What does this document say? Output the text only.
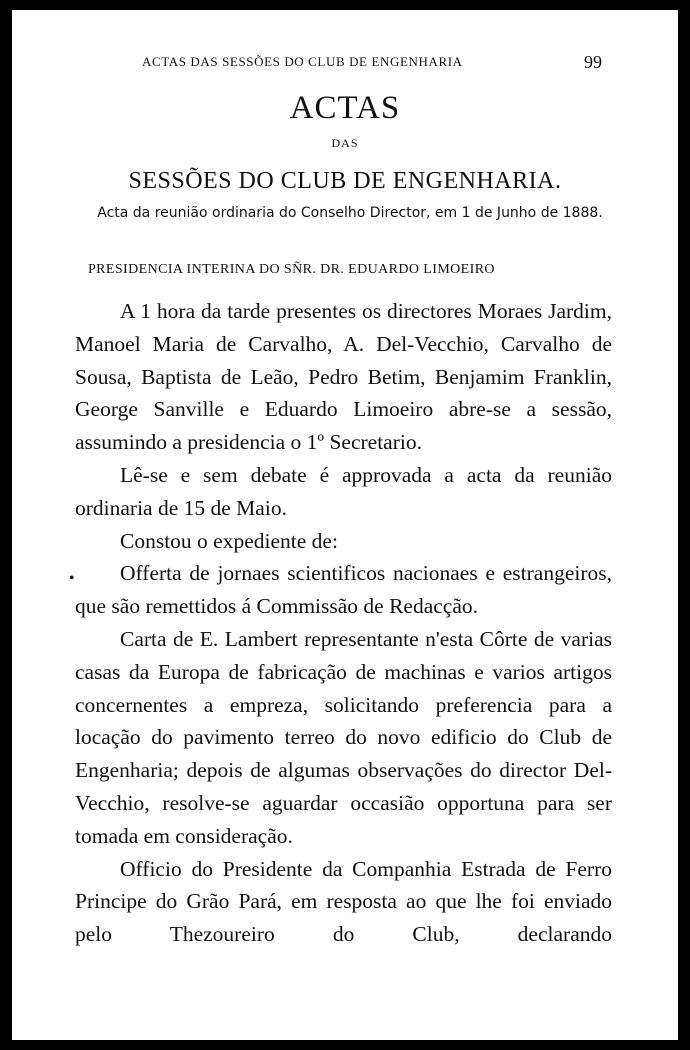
ACTAS DAS SESSÕES DO CLUB DE ENGENHARIA	99
ACTAS
DAS
SESSÕES DO CLUB DE ENGENHARIA.
Acta da reunião ordinaria do Conselho Director, em 1 de Junho de 1888.
PRESIDENCIA INTERINA DO SÑR. DR. EDUARDO LIMOEIRO
•

A 1 hora da tarde presentes os directores Moraes Jardim, Manoel Maria de Carvalho, A. Del-Vecchio, Carvalho de Sousa, Baptista de Leão, Pedro Betim, Benjamim Franklin, George Sanville e Eduardo Limoeiro abre-se a sessão, assumindo a presidencia o 1º Secretario.

Lê-se e sem debate é approvada a acta da reunião ordinaria de 15 de Maio.

Constou o expediente de:

Offerta de jornaes scientificos nacionaes e estrangeiros, que são remettidos á Commissão de Redacção.

Carta de E. Lambert representante n'esta Côrte de varias casas da Europa de fabricação de machinas e varios artigos concernentes a empreza, solicitando preferencia para a locação do pavimento terreo do novo edificio do Club de Engenharia; depois de algumas observações do director Del-Vecchio, resolve-se aguardar occasião opportuna para ser tomada em consideração.

Officio do Presidente da Companhia Estrada de Ferro Principe do Grão Pará, em resposta ao que lhe foi enviado pelo Thezoureiro do Club, declarando
